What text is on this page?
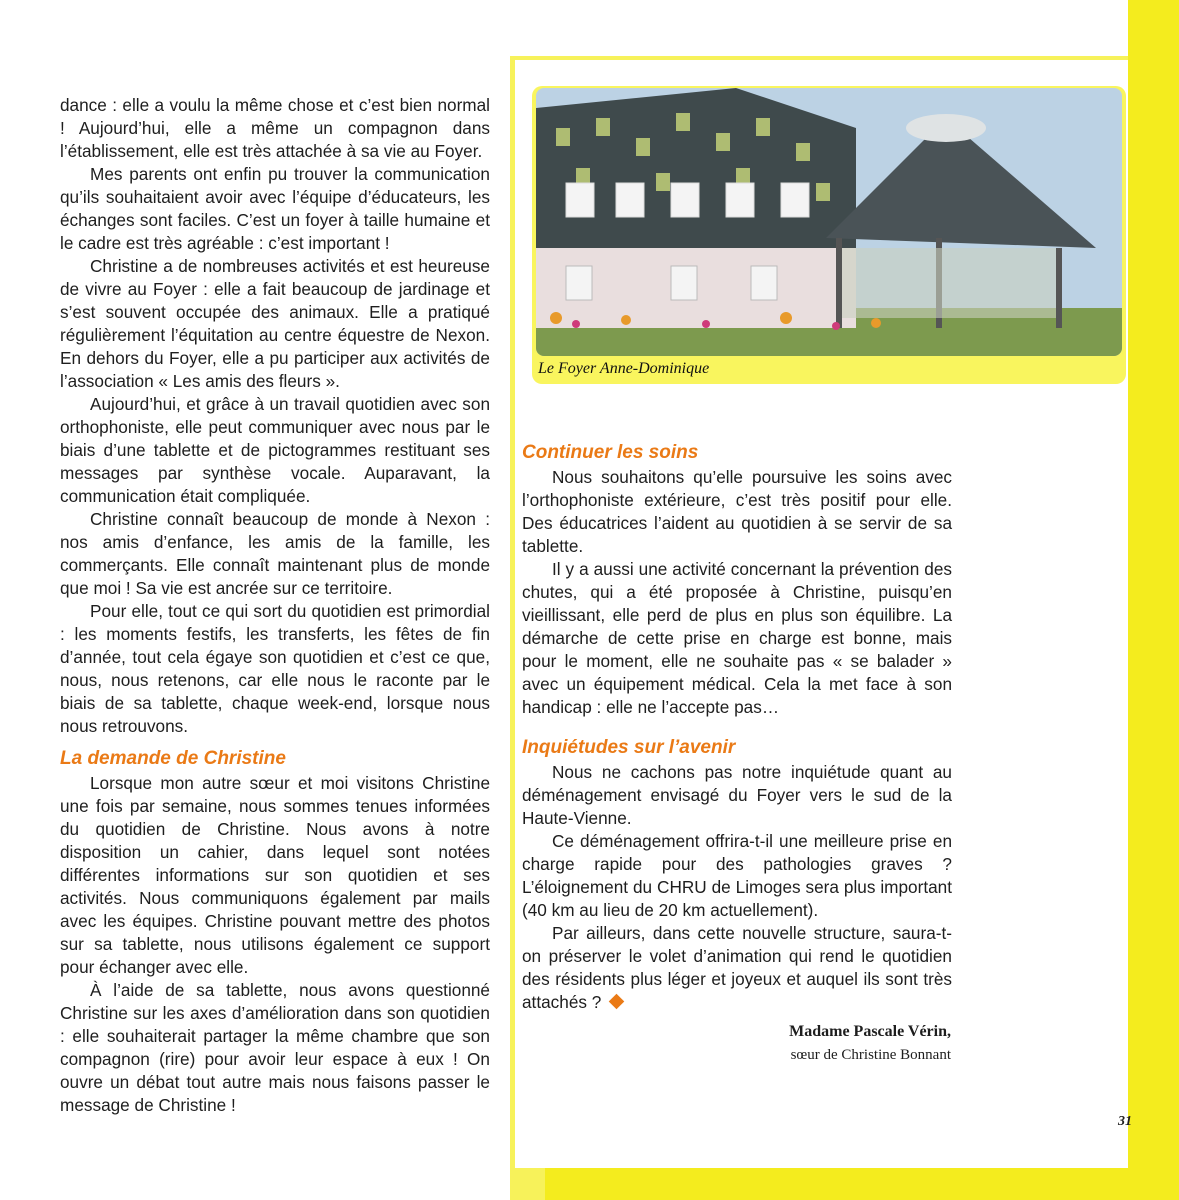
Le Foyer Anne-Dominique

dance : elle a voulu la même chose et c’est bien normal ! Aujourd’hui, elle a même un compagnon dans l’établissement, elle est très attachée à sa vie au Foyer.

Mes parents ont enfin pu trouver la communication qu’ils souhaitaient avoir avec l’équipe d’éducateurs, les échanges sont faciles. C’est un foyer à taille humaine et le cadre est très agréable : c’est important !

Christine a de nombreuses activités et est heureuse de vivre au Foyer : elle a fait beaucoup de jardinage et s’est souvent occupée des animaux. Elle a pratiqué régulièrement l’équitation au centre équestre de Nexon. En dehors du Foyer, elle a pu participer aux activités de l’association « Les amis des fleurs ».

Aujourd’hui, et grâce à un travail quotidien avec son orthophoniste, elle peut communiquer avec nous par le biais d’une tablette et de pictogrammes restituant ses messages par synthèse vocale. Auparavant, la communication était compliquée.

Christine connaît beaucoup de monde à Nexon : nos amis d’enfance, les amis de la famille, les commerçants. Elle connaît maintenant plus de monde que moi ! Sa vie est ancrée sur ce territoire.

Pour elle, tout ce qui sort du quotidien est primordial : les moments festifs, les transferts, les fêtes de fin d’année, tout cela égaye son quotidien et c’est ce que, nous, nous retenons, car elle nous le raconte par le biais de sa tablette, chaque week-end, lorsque nous nous retrouvons.

La demande de Christine

Lorsque mon autre sœur et moi visitons Christine une fois par semaine, nous sommes tenues informées du quotidien de Christine. Nous avons à notre disposition un cahier, dans lequel sont notées différentes informations sur son quotidien et ses activités. Nous communiquons également par mails avec les équipes. Christine pouvant mettre des photos sur sa tablette, nous utilisons également ce support pour échanger avec elle.

À l’aide de sa tablette, nous avons questionné Christine sur les axes d’amélioration dans son quotidien : elle souhaiterait partager la même chambre que son compagnon (rire) pour avoir leur espace à eux ! On ouvre un débat tout autre mais nous faisons passer le message de Christine !

Continuer les soins

Nous souhaitons qu’elle poursuive les soins avec l’orthophoniste extérieure, c’est très positif pour elle. Des éducatrices l’aident au quotidien à se servir de sa tablette.

Il y a aussi une activité concernant la prévention des chutes, qui a été proposée à Christine, puisqu’en vieillissant, elle perd de plus en plus son équilibre. La démarche de cette prise en charge est bonne, mais pour le moment, elle ne souhaite pas « se balader » avec un équipement médical. Cela la met face à son handicap : elle ne l’accepte pas…

Inquiétudes sur l’avenir

Nous ne cachons pas notre inquiétude quant au déménagement envisagé du Foyer vers le sud de la Haute-Vienne.

Ce déménagement offrira-t-il une meilleure prise en charge rapide pour des pathologies graves ? L’éloignement du CHRU de Limoges sera plus important (40 km au lieu de 20 km actuellement).

Par ailleurs, dans cette nouvelle structure, saura-t-on préserver le volet d’animation qui rend le quotidien des résidents plus léger et joyeux et auquel ils sont très attachés ?

Madame Pascale Vérin,
sœur de Christine Bonnant
31
